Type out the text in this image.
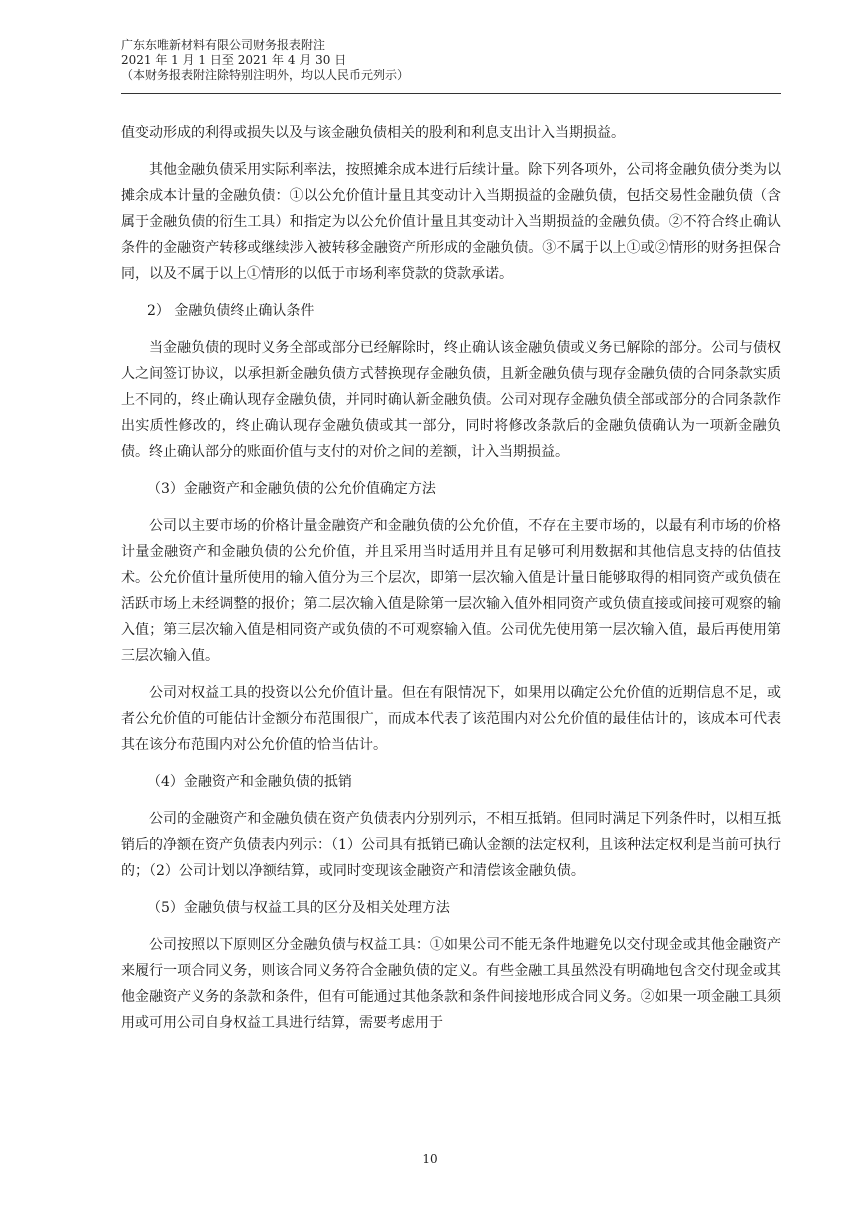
广东东唯新材料有限公司财务报表附注
2021 年 1 月 1 日至 2021 年 4 月 30 日
（本财务报表附注除特别注明外，均以人民币元列示）

值变动形成的利得或损失以及与该金融负债相关的股利和利息支出计入当期损益。

其他金融负债采用实际利率法，按照摊余成本进行后续计量。除下列各项外，公司将金融负债分类为以摊余成本计量的金融负债：①以公允价值计量且其变动计入当期损益的金融负债，包括交易性金融负债（含属于金融负债的衍生工具）和指定为以公允价值计量且其变动计入当期损益的金融负债。②不符合终止确认条件的金融资产转移或继续涉入被转移金融资产所形成的金融负债。③不属于以上①或②情形的财务担保合同，以及不属于以上①情形的以低于市场利率贷款的贷款承诺。

2） 金融负债终止确认条件

当金融负债的现时义务全部或部分已经解除时，终止确认该金融负债或义务已解除的部分。公司与债权人之间签订协议，以承担新金融负债方式替换现存金融负债，且新金融负债与现存金融负债的合同条款实质上不同的，终止确认现存金融负债，并同时确认新金融负债。公司对现存金融负债全部或部分的合同条款作出实质性修改的，终止确认现存金融负债或其一部分，同时将修改条款后的金融负债确认为一项新金融负债。终止确认部分的账面价值与支付的对价之间的差额，计入当期损益。

（3）金融资产和金融负债的公允价值确定方法

公司以主要市场的价格计量金融资产和金融负债的公允价值，不存在主要市场的，以最有利市场的价格计量金融资产和金融负债的公允价值，并且采用当时适用并且有足够可利用数据和其他信息支持的估值技术。公允价值计量所使用的输入值分为三个层次，即第一层次输入值是计量日能够取得的相同资产或负债在活跃市场上未经调整的报价；第二层次输入值是除第一层次输入值外相同资产或负债直接或间接可观察的输入值；第三层次输入值是相同资产或负债的不可观察输入值。公司优先使用第一层次输入值，最后再使用第三层次输入值。

公司对权益工具的投资以公允价值计量。但在有限情况下，如果用以确定公允价值的近期信息不足，或者公允价值的可能估计金额分布范围很广，而成本代表了该范围内对公允价值的最佳估计的，该成本可代表其在该分布范围内对公允价值的恰当估计。

（4）金融资产和金融负债的抵销

公司的金融资产和金融负债在资产负债表内分别列示，不相互抵销。但同时满足下列条件时，以相互抵销后的净额在资产负债表内列示：（1）公司具有抵销已确认金额的法定权利，且该种法定权利是当前可执行的；（2）公司计划以净额结算，或同时变现该金融资产和清偿该金融负债。

（5）金融负债与权益工具的区分及相关处理方法

公司按照以下原则区分金融负债与权益工具：①如果公司不能无条件地避免以交付现金或其他金融资产来履行一项合同义务，则该合同义务符合金融负债的定义。有些金融工具虽然没有明确地包含交付现金或其他金融资产义务的条款和条件，但有可能通过其他条款和条件间接地形成合同义务。②如果一项金融工具须用或可用公司自身权益工具进行结算，需要考虑用于

10
